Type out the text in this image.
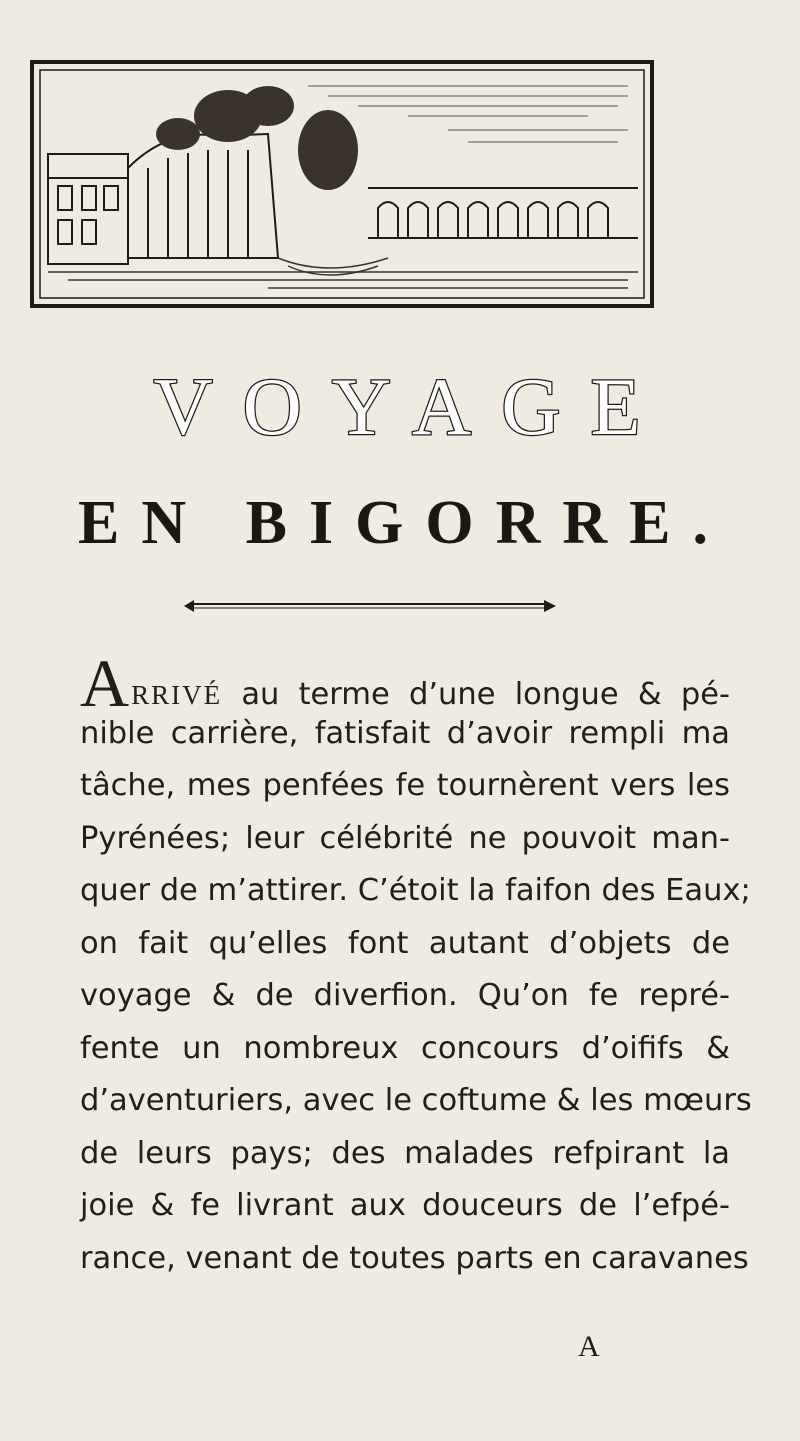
VOYAGE
EN BIGORRE.
ARRIVÉ au terme d’une longue & pé-
nible carrière, fatisfait d’avoir rempli ma
tâche, mes penfées fe tournèrent vers les
Pyrénées; leur célébrité ne pouvoit man-
quer de m’attirer. C’étoit la faifon des Eaux;
on fait qu’elles font autant d’objets de
voyage & de diverfion. Qu’on fe repré-
fente un nombreux concours d’oififs &
d’aventuriers, avec le coftume & les mœurs
de leurs pays; des malades refpirant la
joie & fe livrant aux douceurs de l’efpé-
rance, venant de toutes parts en caravanes
A
